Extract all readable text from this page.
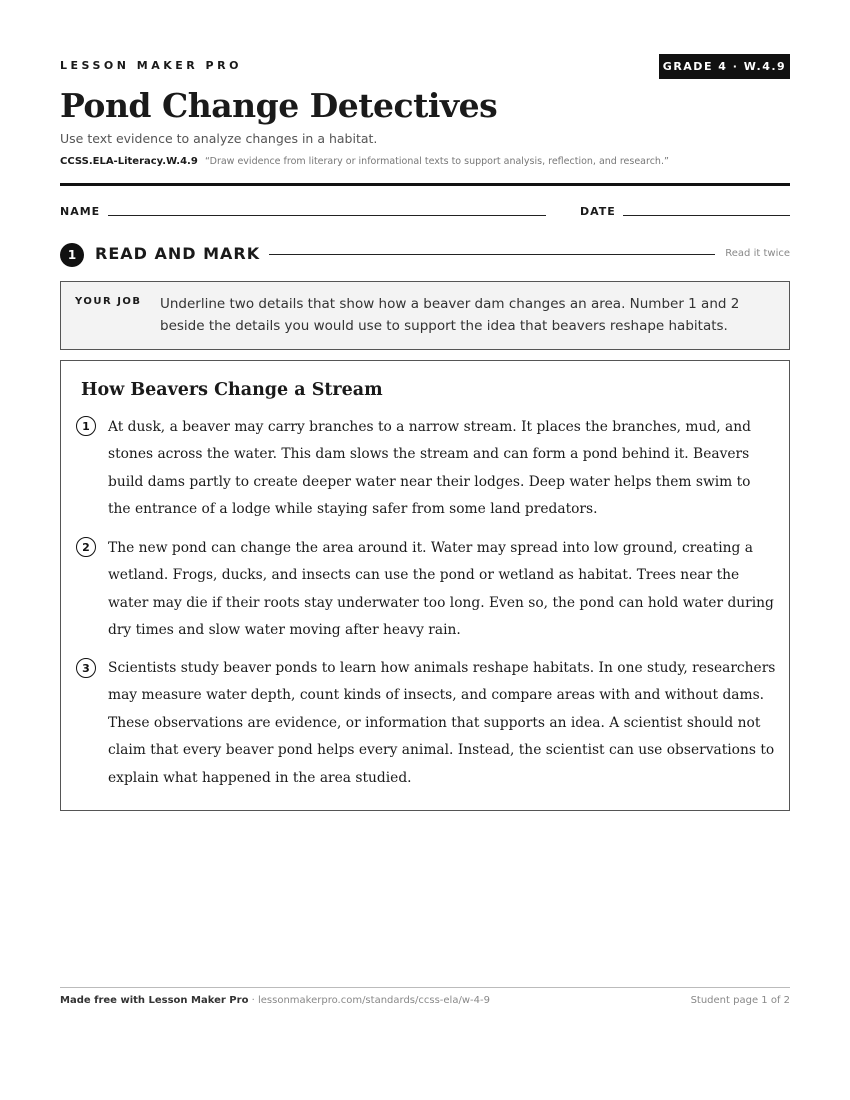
LESSON MAKER PRO	GRADE 4 · W.4.9
Pond Change Detectives
Use text evidence to analyze changes in a habitat.
CCSS.ELA-Literacy.W.4.9 “Draw evidence from literary or informational texts to support analysis, reflection, and research.”
NAME	DATE
1	READ AND MARK	Read it twice
YOUR JOB Underline two details that show how a beaver dam changes an area. Number 1 and 2 beside the details you would use to support the idea that beavers reshape habitats.
How Beavers Change a Stream
1	At dusk, a beaver may carry branches to a narrow stream. It places the branches, mud, and stones across the water. This dam slows the stream and can form a pond behind it. Beavers build dams partly to create deeper water near their lodges. Deep water helps them swim to the entrance of a lodge while staying safer from some land predators.

2	The new pond can change the area around it. Water may spread into low ground, creating a wetland. Frogs, ducks, and insects can use the pond or wetland as habitat. Trees near the water may die if their roots stay underwater too long. Even so, the pond can hold water during dry times and slow water moving after heavy rain.

3	Scientists study beaver ponds to learn how animals reshape habitats. In one study, researchers may measure water depth, count kinds of insects, and compare areas with and without dams. These observations are evidence, or information that supports an idea. A scientist should not claim that every beaver pond helps every animal. Instead, the scientist can use observations to explain what happened in the area studied.

Made free with Lesson Maker Pro · lessonmakerpro.com/standards/ccss-ela/w-4-9	Student page 1 of 2
